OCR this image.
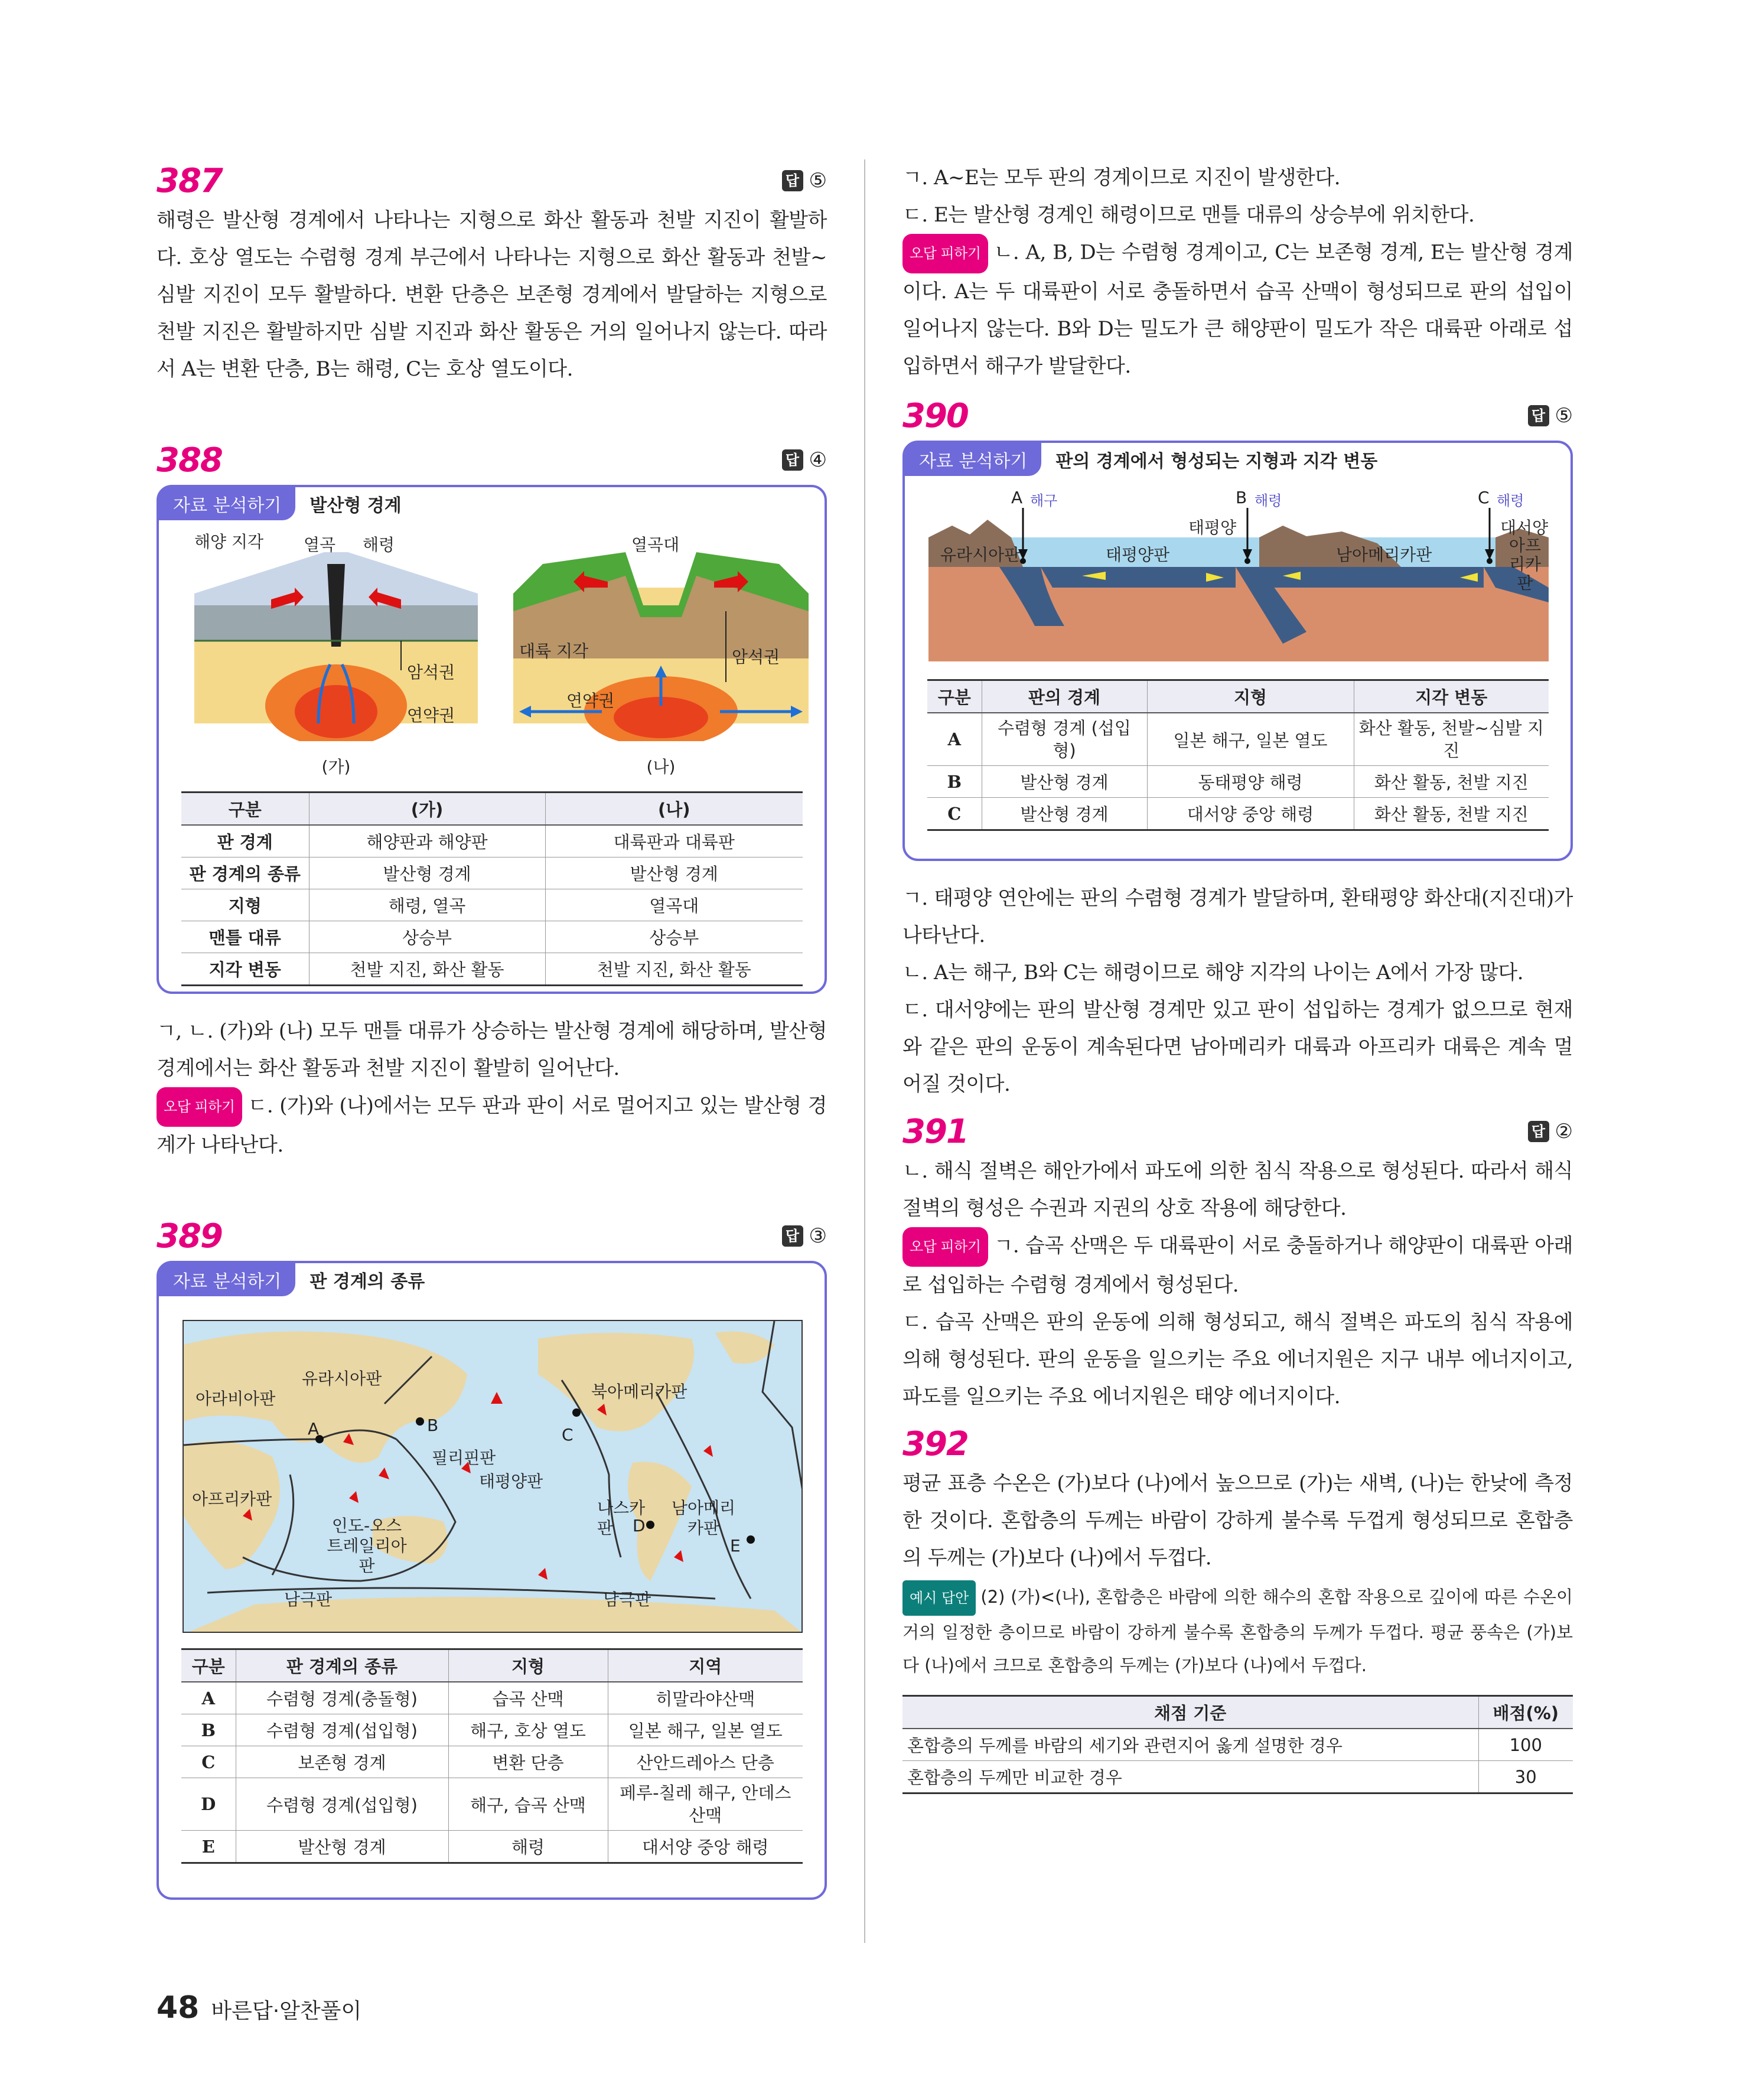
387	답 ⑤

해령은 발산형 경계에서 나타나는 지형으로 화산 활동과 천발 지진이 활발하다. 호상 열도는 수렴형 경계 부근에서 나타나는 지형으로 화산 활동과 천발~심발 지진이 모두 활발하다. 변환 단층은 보존형 경계에서 발달하는 지형으로 천발 지진은 활발하지만 심발 지진과 화산 활동은 거의 일어나지 않는다. 따라서 A는 변환 단층, B는 해령, C는 호상 열도이다.

388	답 ④
자료 분석하기	발산형 경계
해양 지각 열곡 해령
암석권
연약권
(가)
열곡대
대륙 지각	암석권
연약권
(나)
구분	(가)	(나)
판 경계	해양판과 해양판	대륙판과 대륙판
판 경계의 종류	발산형 경계	발산형 경계
지형	해령, 열곡	열곡대
맨틀 대류	상승부	상승부
지각 변동	천발 지진, 화산 활동	천발 지진, 화산 활동

ㄱ, ㄴ. (가)와 (나) 모두 맨틀 대류가 상승하는 발산형 경계에 해당하며, 발산형 경계에서는 화산 활동과 천발 지진이 활발히 일어난다.
오답 피하기 ㄷ. (가)와 (나)에서는 모두 판과 판이 서로 멀어지고 있는 발산형 경계가 나타난다.

389	답 ③
자료 분석하기	판 경계의 종류
유라시아판
아라비아판
아프리카판
인도-오스트레일리아판
필리핀판
태평양판
북아메리카판
나스카판
남아메리카판
남극판	남극판
A	B	C
D
E
구분	판 경계의 종류	지형	지역
A	수렴형 경계(충돌형)	습곡 산맥	히말라야산맥
B	수렴형 경계(섭입형)	해구, 호상 열도	일본 해구, 일본 열도
C	보존형 경계	변환 단층	산안드레아스 단층
D	수렴형 경계(섭입형)	해구, 습곡 산맥	페루-칠레 해구, 안데스산맥
E	발산형 경계	해령	대서양 중앙 해령

ㄱ. A~E는 모두 판의 경계이므로 지진이 발생한다.
ㄷ. E는 발산형 경계인 해령이므로 맨틀 대류의 상승부에 위치한다.
오답 피하기 ㄴ. A, B, D는 수렴형 경계이고, C는 보존형 경계, E는 발산형 경계이다. A는 두 대륙판이 서로 충돌하면서 습곡 산맥이 형성되므로 판의 섭입이 일어나지 않는다. B와 D는 밀도가 큰 해양판이 밀도가 작은 대륙판 아래로 섭입하면서 해구가 발달한다.

390	답 ⑤
자료 분석하기	판의 경계에서 형성되는 지형과 지각 변동
A 해구	B 해령	C 해령
태평양	대서양
유라시아판	태평양판	남아메리카판	아프리카판
구분	판의 경계	지형	지각 변동
A	수렴형 경계 (섭입형)	일본 해구, 일본 열도	화산 활동, 천발~심발 지진
B	발산형 경계	동태평양 해령	화산 활동, 천발 지진
C	발산형 경계	대서양 중앙 해령	화산 활동, 천발 지진

ㄱ. 태평양 연안에는 판의 수렴형 경계가 발달하며, 환태평양 화산대(지진대)가 나타난다.
ㄴ. A는 해구, B와 C는 해령이므로 해양 지각의 나이는 A에서 가장 많다.
ㄷ. 대서양에는 판의 발산형 경계만 있고 판이 섭입하는 경계가 없으므로 현재와 같은 판의 운동이 계속된다면 남아메리카 대륙과 아프리카 대륙은 계속 멀어질 것이다.

391	답 ②

ㄴ. 해식 절벽은 해안가에서 파도에 의한 침식 작용으로 형성된다. 따라서 해식 절벽의 형성은 수권과 지권의 상호 작용에 해당한다.
오답 피하기 ㄱ. 습곡 산맥은 두 대륙판이 서로 충돌하거나 해양판이 대륙판 아래로 섭입하는 수렴형 경계에서 형성된다.
ㄷ. 습곡 산맥은 판의 운동에 의해 형성되고, 해식 절벽은 파도의 침식 작용에 의해 형성된다. 판의 운동을 일으키는 주요 에너지원은 지구 내부 에너지이고, 파도를 일으키는 주요 에너지원은 태양 에너지이다.

392

평균 표층 수온은 (가)보다 (나)에서 높으므로 (가)는 새벽, (나)는 한낮에 측정한 것이다. 혼합층의 두께는 바람이 강하게 불수록 두껍게 형성되므로 혼합층의 두께는 (가)보다 (나)에서 두껍다.

예시 답안 (2) (가)<(나), 혼합층은 바람에 의한 해수의 혼합 작용으로 깊이에 따른 수온이 거의 일정한 층이므로 바람이 강하게 불수록 혼합층의 두께가 두껍다. 평균 풍속은 (가)보다 (나)에서 크므로 혼합층의 두께는 (가)보다 (나)에서 두껍다.

채점 기준	배점(%)
혼합층의 두께를 바람의 세기와 관련지어 옳게 설명한 경우	100
혼합층의 두께만 비교한 경우	30
48 바른답·알찬풀이
